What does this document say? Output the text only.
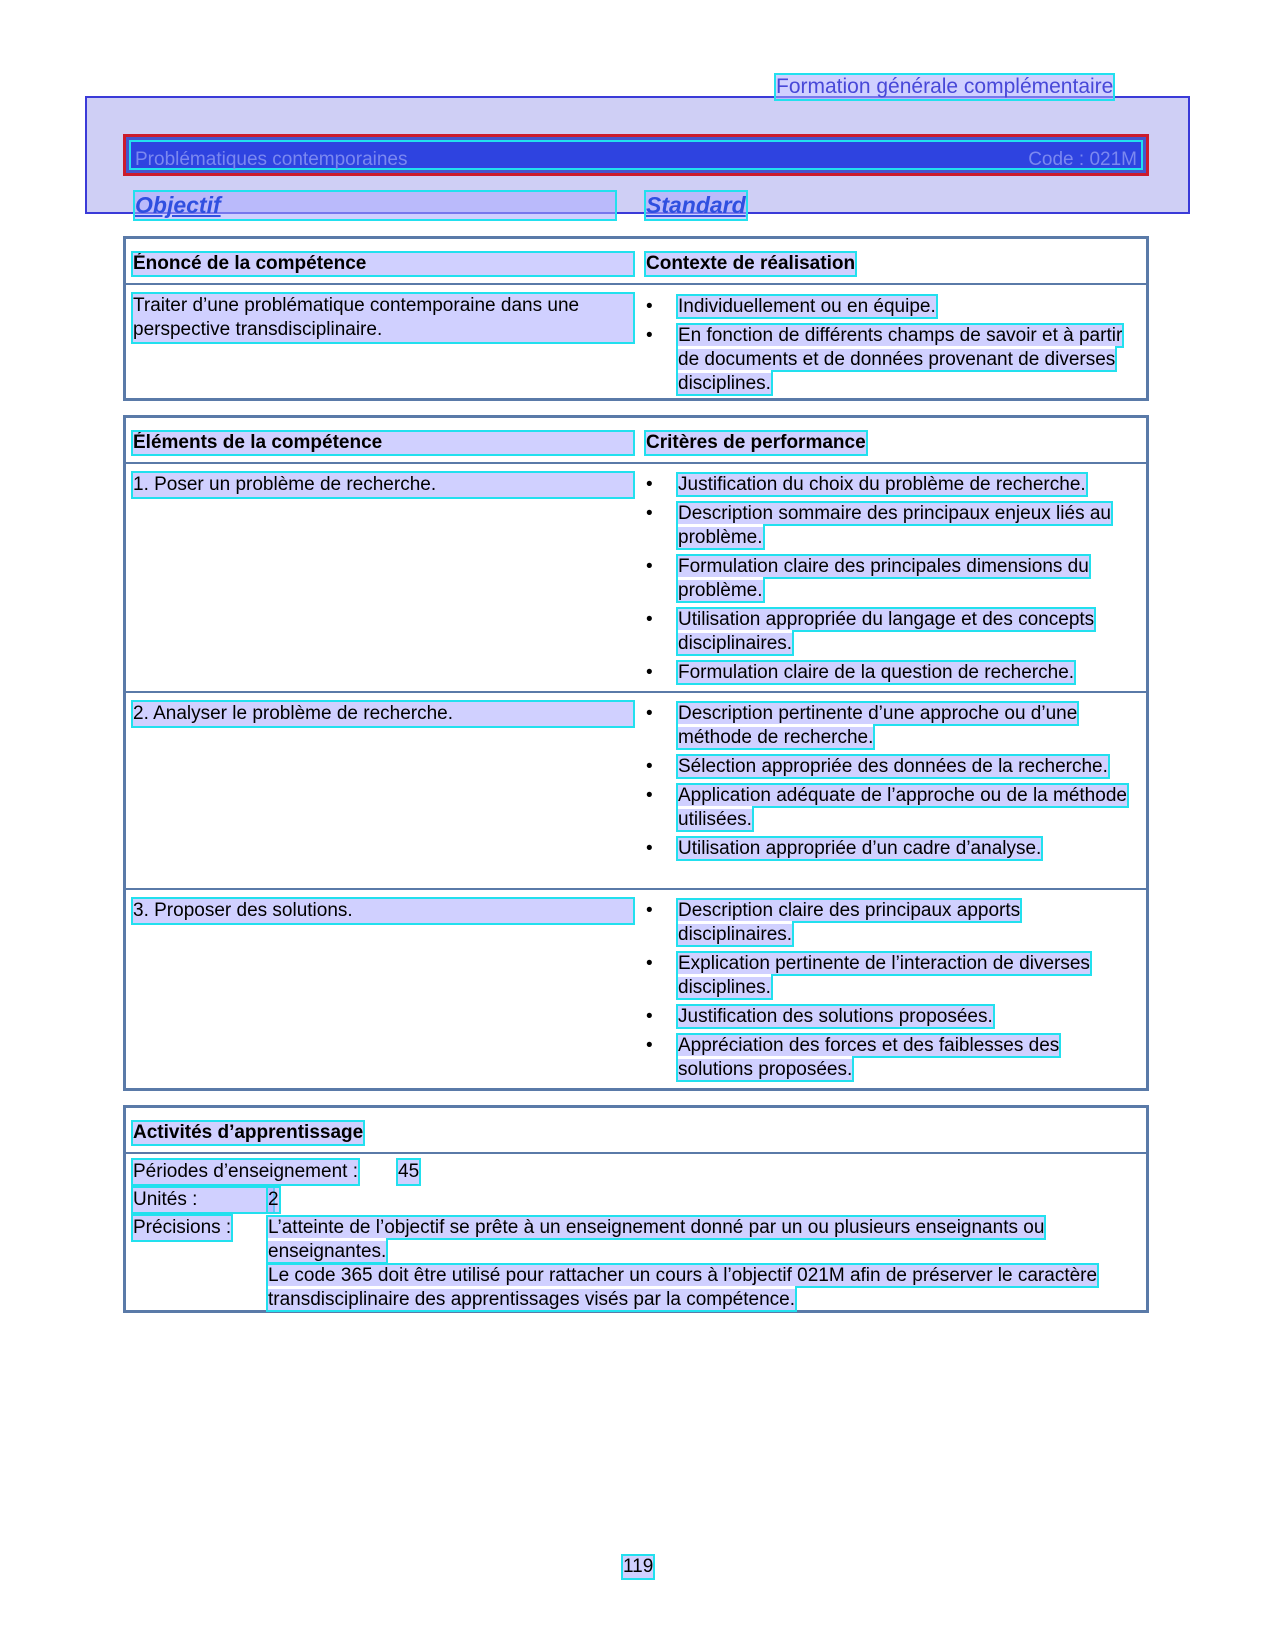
Formation générale complémentaire
Problématiques contemporaines	Code : 021M
Objectif	Standard
Énoncé de la compétence	Contexte de réalisation
Traiter d’une problématique contemporaine dans une perspective transdisciplinaire.
• Individuellement ou en équipe.
• En fonction de différents champs de savoir et à partir de documents et de données provenant de diverses disciplines.
Éléments de la compétence	Critères de performance
1. Poser un problème de recherche.	• Justification du choix du problème de recherche.
• Description sommaire des principaux enjeux liés au problème.
• Formulation claire des principales dimensions du problème.
• Utilisation appropriée du langage et des concepts disciplinaires.
• Formulation claire de la question de recherche.
2. Analyser le problème de recherche.	• Description pertinente d’une approche ou d’une méthode de recherche.
• Sélection appropriée des données de la recherche.
• Application adéquate de l’approche ou de la méthode utilisées.
• Utilisation appropriée d’un cadre d’analyse.
3. Proposer des solutions.	• Description claire des principaux apports disciplinaires.
• Explication pertinente de l’interaction de diverses disciplines.
• Justification des solutions proposées.
• Appréciation des forces et des faiblesses des solutions proposées.
Activités d’apprentissage
Périodes d’enseignement : 45
Unités :	2
Précisions : L’atteinte de l’objectif se prête à un enseignement donné par un ou plusieurs enseignants ou enseignantes.
Le code 365 doit être utilisé pour rattacher un cours à l’objectif 021M afin de préserver le caractère transdisciplinaire des apprentissages visés par la compétence.
119
